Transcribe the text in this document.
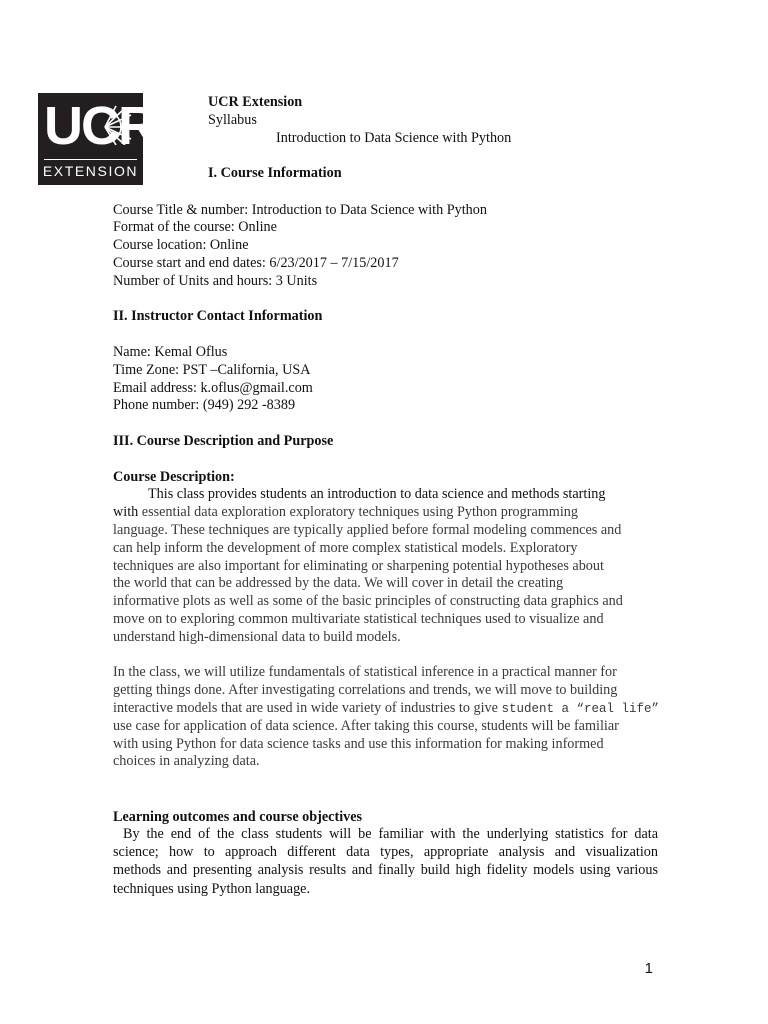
UCR
EXTENSION
UCR Extension
Syllabus
Introduction to Data Science with Python
I. Course Information
Course Title & number: Introduction to Data Science with Python
Format of the course: Online
Course location: Online
Course start and end dates: 6/23/2017 – 7/15/2017
Number of Units and hours: 3 Units
II. Instructor Contact Information
Name: Kemal Oflus
Time Zone: PST –California, USA
Email address: k.oflus@gmail.com
Phone number: (949) 292 -8389
III. Course Description and Purpose
Course Description:
This class provides students an introduction to data science and methods starting
with essential data exploration exploratory techniques using Python programming
language. These techniques are typically applied before formal modeling commences and
can help inform the development of more complex statistical models. Exploratory
techniques are also important for eliminating or sharpening potential hypotheses about
the world that can be addressed by the data. We will cover in detail the creating
informative plots as well as some of the basic principles of constructing data graphics and
move on to exploring common multivariate statistical techniques used to visualize and
understand high-dimensional data to build models.
In the class, we will utilize fundamentals of statistical inference in a practical manner for
getting things done. After investigating correlations and trends, we will move to building
interactive models that are used in wide variety of industries to give student a “real life”
use case for application of data science. After taking this course, students will be familiar
with using Python for data science tasks and use this information for making informed
choices in analyzing data.
Learning outcomes and course objectives
By the end of the class students will be familiar with the underlying statistics for data
science; how to approach different data types, appropriate analysis and visualization
methods and presenting analysis results and finally build high fidelity models using various
techniques using Python language.
1
